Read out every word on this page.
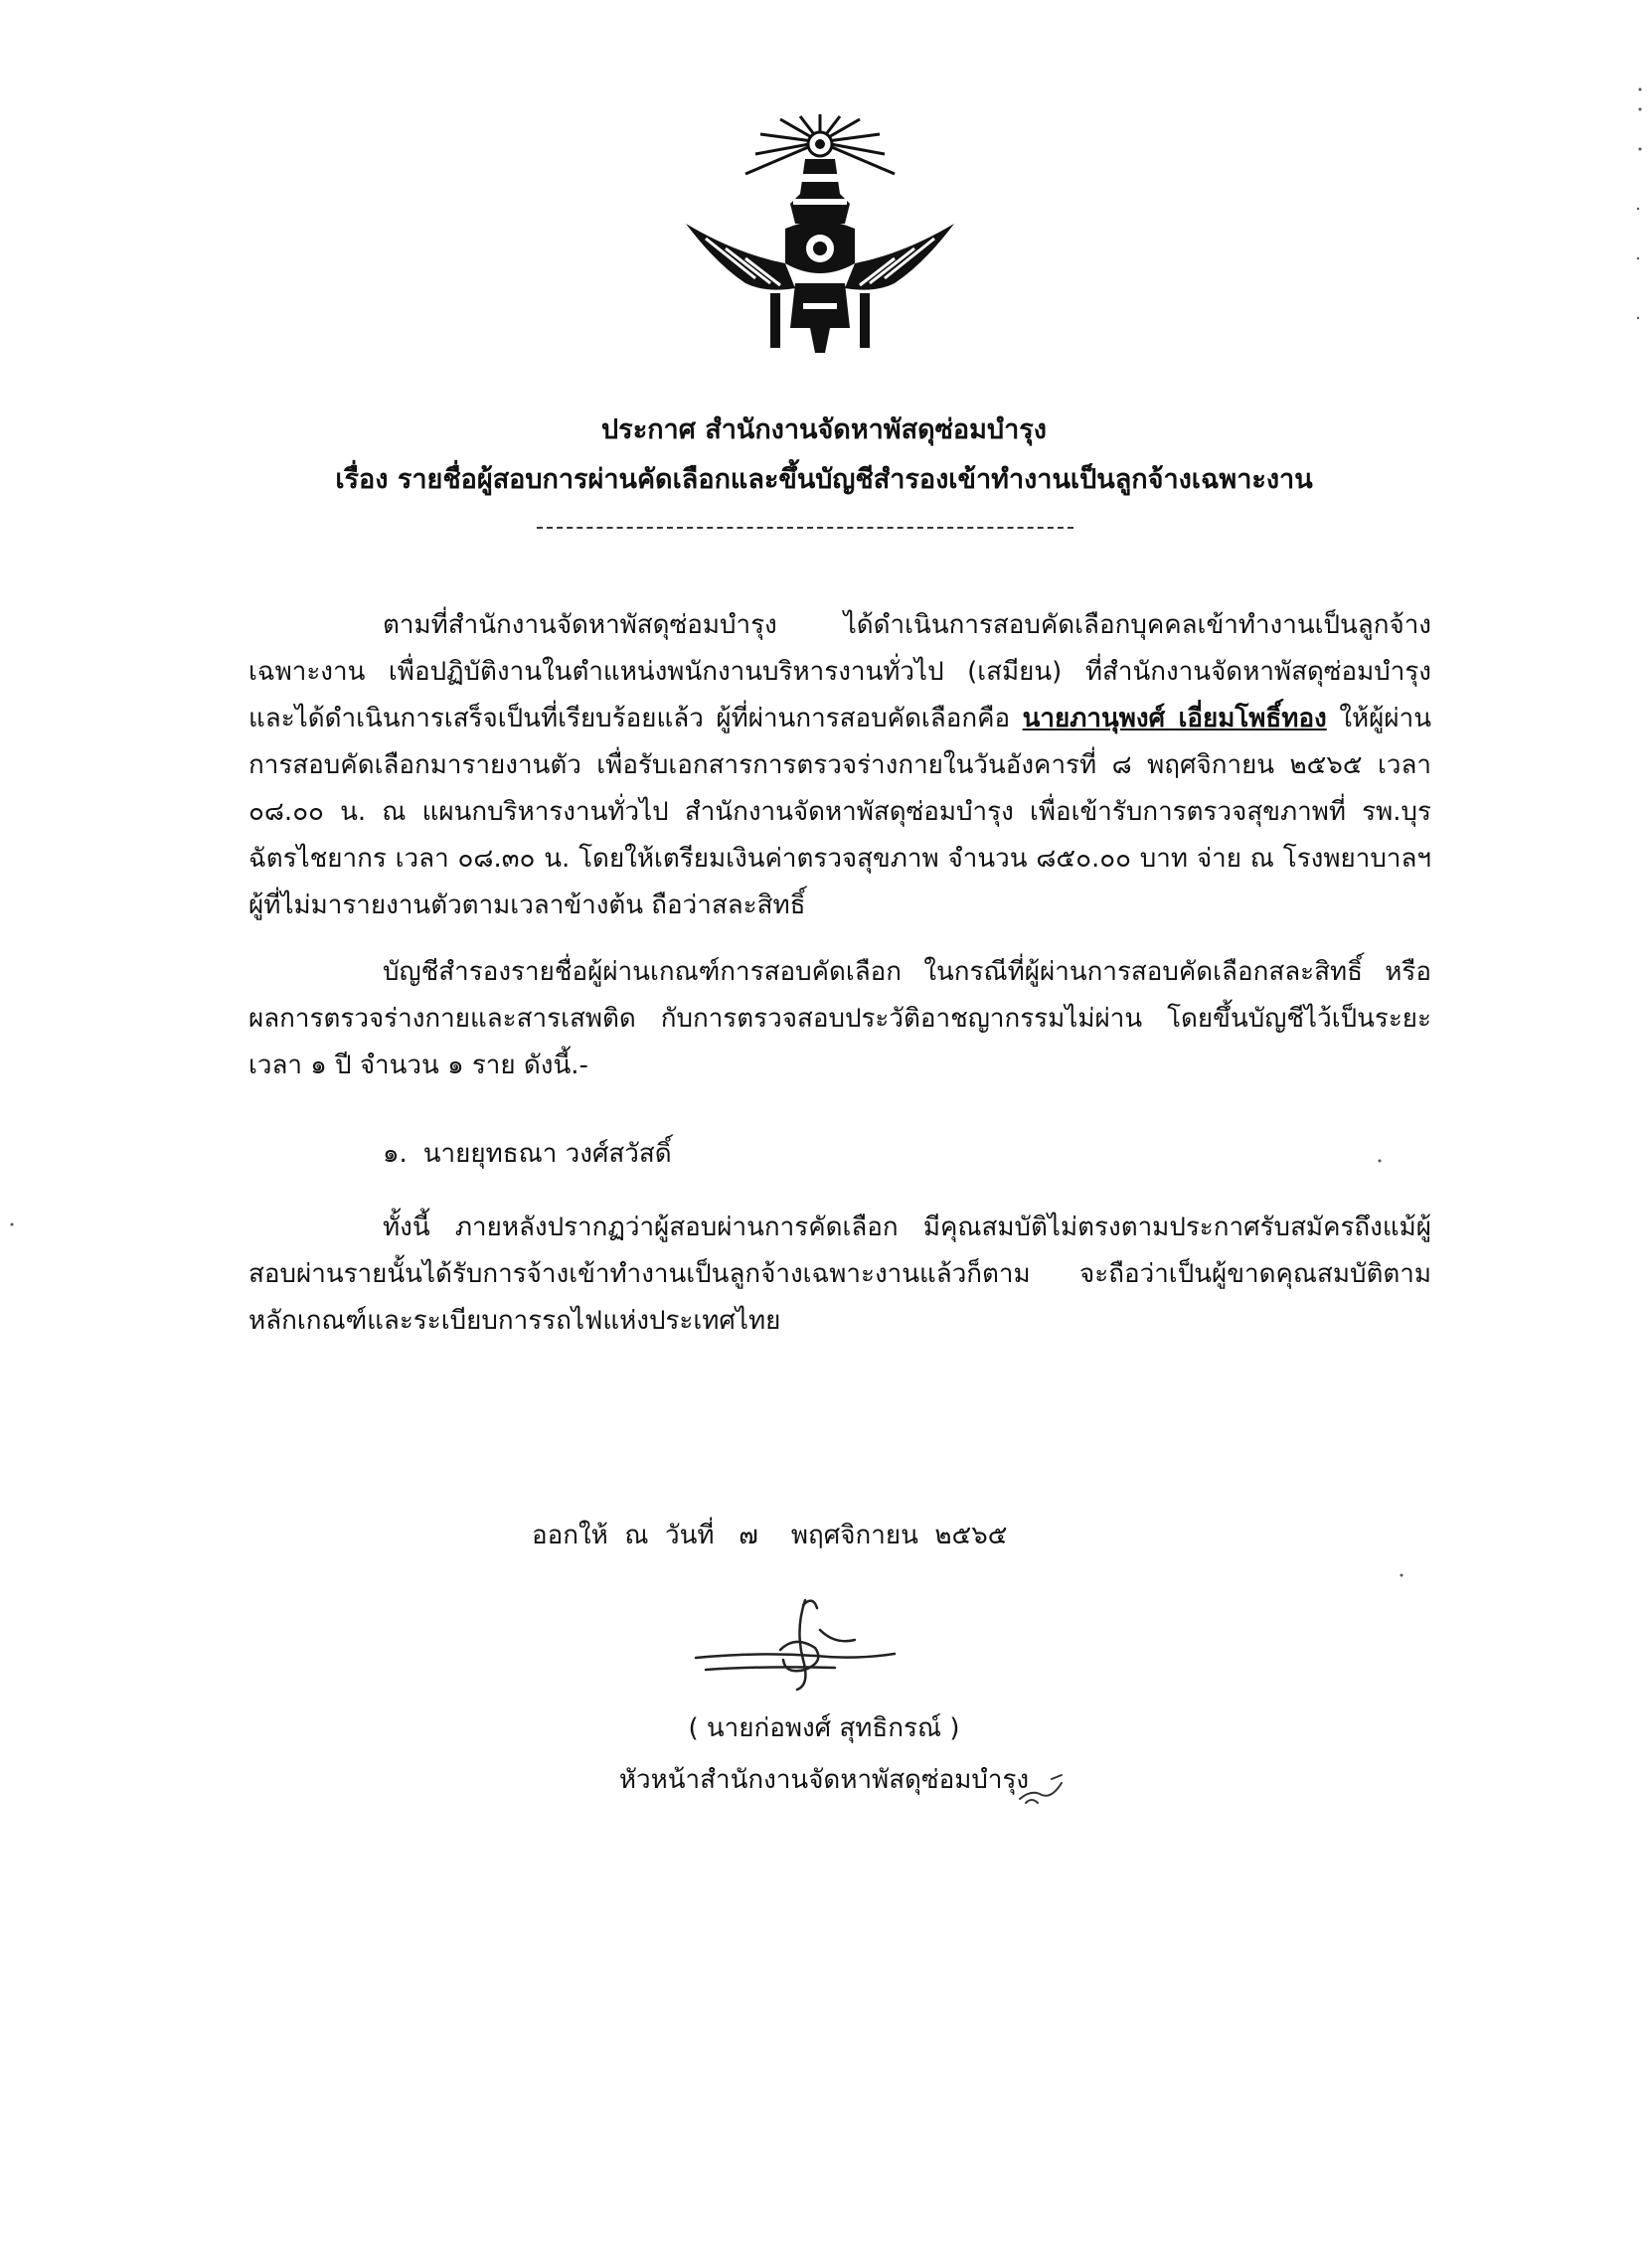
ประกาศ สำนักงานจัดหาพัสดุซ่อมบำรุง
เรื่อง รายชื่อผู้สอบการผ่านคัดเลือกและขึ้นบัญชีสำรองเข้าทำงานเป็นลูกจ้างเฉพาะงาน
ตามที่สำนักงานจัดหาพัสดุซ่อมบำรุง ได้ดำเนินการสอบคัดเลือกบุคคลเข้าทำงานเป็นลูกจ้างเฉพาะงาน เพื่อปฏิบัติงานในตำแหน่งพนักงานบริหารงานทั่วไป (เสมียน) ที่สำนักงานจัดหาพัสดุซ่อมบำรุง และได้ดำเนินการเสร็จเป็นที่เรียบร้อยแล้ว ผู้ที่ผ่านการสอบคัดเลือกคือ นายภานุพงศ์ เอี่ยมโพธิ์ทอง ให้ผู้ผ่านการสอบคัดเลือกมารายงานตัว เพื่อรับเอกสารการตรวจร่างกายในวันอังคารที่ ๘ พฤศจิกายน ๒๕๖๕ เวลา ๐๘.๐๐ น. ณ แผนกบริหารงานทั่วไป สำนักงานจัดหาพัสดุซ่อมบำรุง เพื่อเข้ารับการตรวจสุขภาพที่ รพ.บุรฉัตรไชยากร เวลา ๐๘.๓๐ น. โดยให้เตรียมเงินค่าตรวจสุขภาพ จำนวน ๘๕๐.๐๐ บาท จ่าย ณ โรงพยาบาลฯ ผู้ที่ไม่มารายงานตัวตามเวลาข้างต้น ถือว่าสละสิทธิ์
บัญชีสำรองรายชื่อผู้ผ่านเกณฑ์การสอบคัดเลือก ในกรณีที่ผู้ผ่านการสอบคัดเลือกสละสิทธิ์ หรือผลการตรวจร่างกายและสารเสพติด กับการตรวจสอบประวัติอาชญากรรมไม่ผ่าน โดยขึ้นบัญชีไว้เป็นระยะเวลา ๑ ปี จำนวน ๑ ราย ดังนี้.-
๑. นายยุทธณา วงศ์สวัสดิ์
ทั้งนี้ ภายหลังปรากฏว่าผู้สอบผ่านการคัดเลือก มีคุณสมบัติไม่ตรงตามประกาศรับสมัครถึงแม้ผู้สอบผ่านรายนั้นได้รับการจ้างเข้าทำงานเป็นลูกจ้างเฉพาะงานแล้วก็ตาม จะถือว่าเป็นผู้ขาดคุณสมบัติตามหลักเกณฑ์และระเบียบการรถไฟแห่งประเทศไทย
ออกให้  ณ  วันที่   ๗    พฤศจิกายน  ๒๕๖๕
( นายก่อพงศ์ สุทธิกรณ์ )
หัวหน้าสำนักงานจัดหาพัสดุซ่อมบำรุง
